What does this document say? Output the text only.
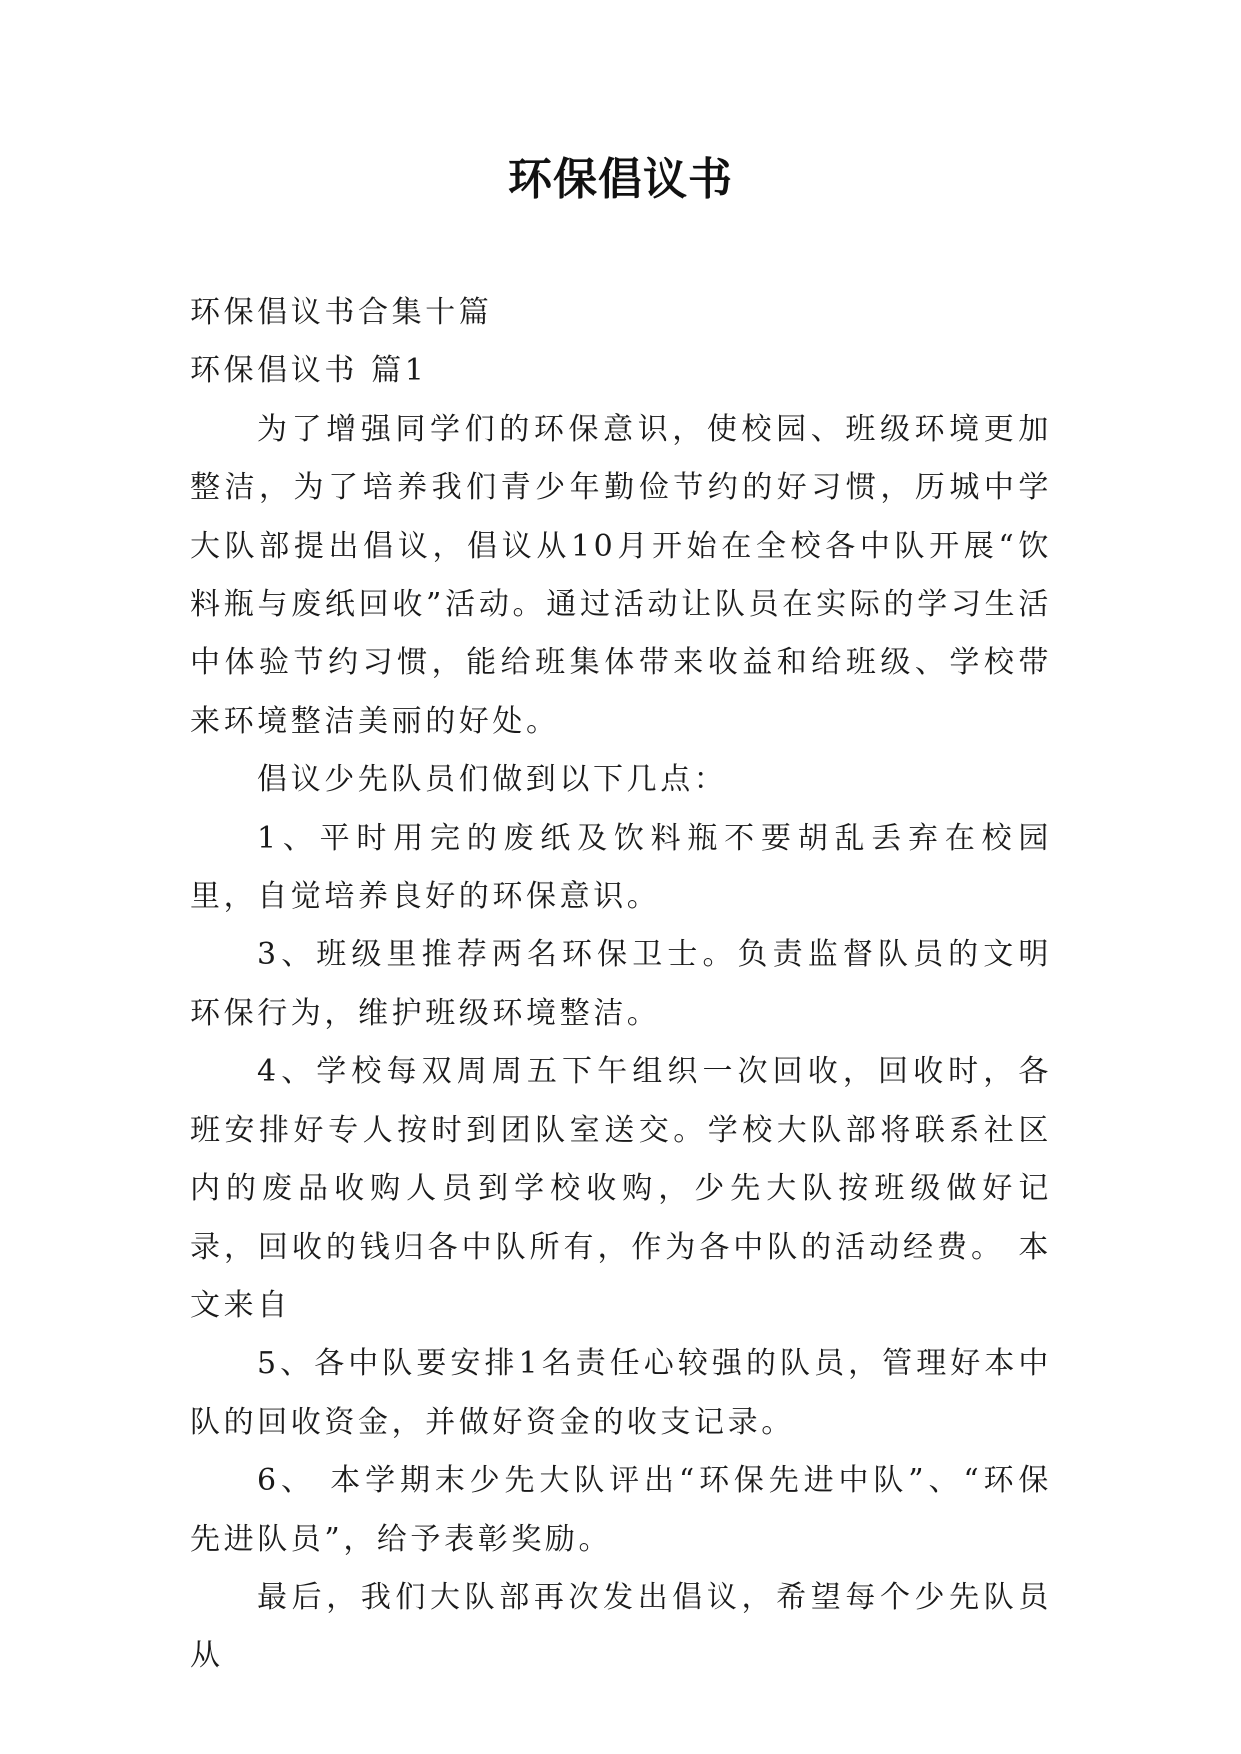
环保倡议书

环保倡议书合集十篇

环保倡议书 篇1

为了增强同学们的环保意识，使校园、班级环境更加整洁，为了培养我们青少年勤俭节约的好习惯，历城中学大队部提出倡议，倡议从10月开始在全校各中队开展“饮料瓶与废纸回收”活动。通过活动让队员在实际的学习生活中体验节约习惯，能给班集体带来收益和给班级、学校带来环境整洁美丽的好处。

倡议少先队员们做到以下几点：

1、平时用完的废纸及饮料瓶不要胡乱丢弃在校园里，自觉培养良好的环保意识。

3、班级里推荐两名环保卫士。负责监督队员的文明环保行为，维护班级环境整洁。

4、学校每双周周五下午组织一次回收，回收时，各班安排好专人按时到团队室送交。学校大队部将联系社区内的废品收购人员到学校收购，少先大队按班级做好记录，回收的钱归各中队所有，作为各中队的活动经费。 本文来自

5、各中队要安排1名责任心较强的队员，管理好本中队的回收资金，并做好资金的收支记录。

6、 本学期末少先大队评出“环保先进中队”、“环保先进队员”，给予表彰奖励。

最后，我们大队部再次发出倡议，希望每个少先队员从
